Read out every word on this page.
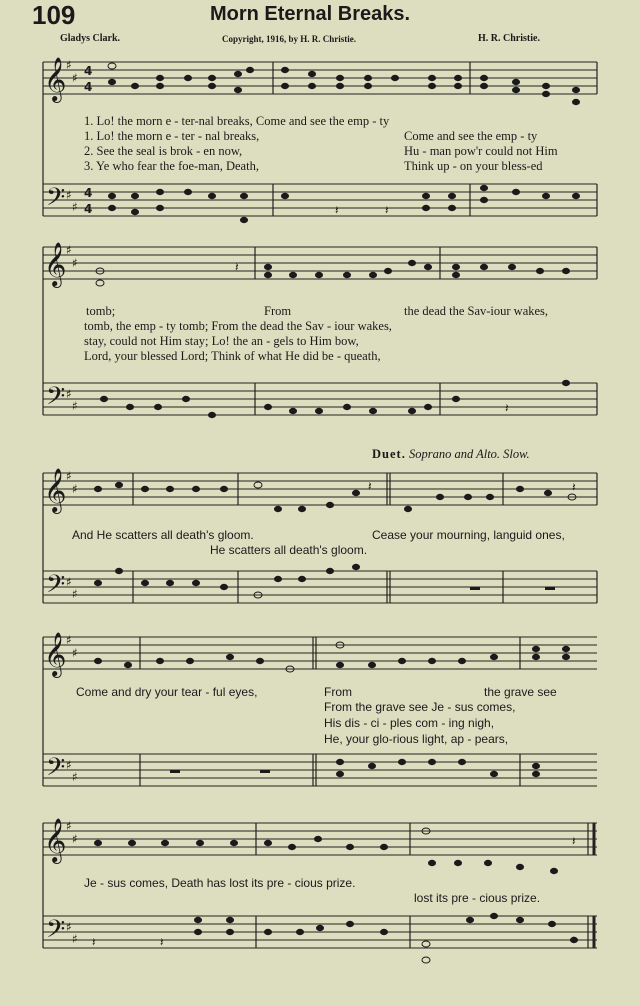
109	Morn Eternal Breaks.
Gladys Clark.	Copyright, 1916, by H. R. Christie.	H. R. Christie.
𝄞
𝄢
𝄞
𝄢
𝄞
𝄢
𝄞
𝄢
𝄞
𝄢
♯
♯
♯
♯
♯
♯
♯
♯
♯
♯
♯
♯
♯
♯
♯
♯
♯
♯
♯
♯
4
4
4
4	𝄽	𝄽
𝄽
𝄽
𝄽	𝄽
𝄽
𝄽
𝄽	𝄽
1. Lo! the morn e - ter-nal breaks, Come and see the emp - ty
1. Lo! the morn e - ter - nal breaks,	Come and see the emp - ty
2. See the seal is brok - en now,	Hu - man pow'r could not Him
3. Ye who fear the foe-man, Death,	Think up - on your bless-ed
tomb;	From	the dead the Sav-iour wakes,
tomb, the emp - ty tomb; From the dead the Sav - iour wakes,
stay, could not Him stay; Lo! the an - gels to Him bow,
Lord, your blessed Lord; Think of what He did be - queath,
Duet. Soprano and Alto. Slow.
And He scatters all death's gloom.	Cease your mourning, languid ones,
He scatters all death's gloom.
Come and dry your tear - ful eyes,	From	the grave see
From the grave see Je - sus comes,
His dis - ci - ples com - ing nigh,
He, your glo-rious light, ap - pears,
Je - sus comes, Death has lost its pre - cious prize.
lost its pre - cious prize.
